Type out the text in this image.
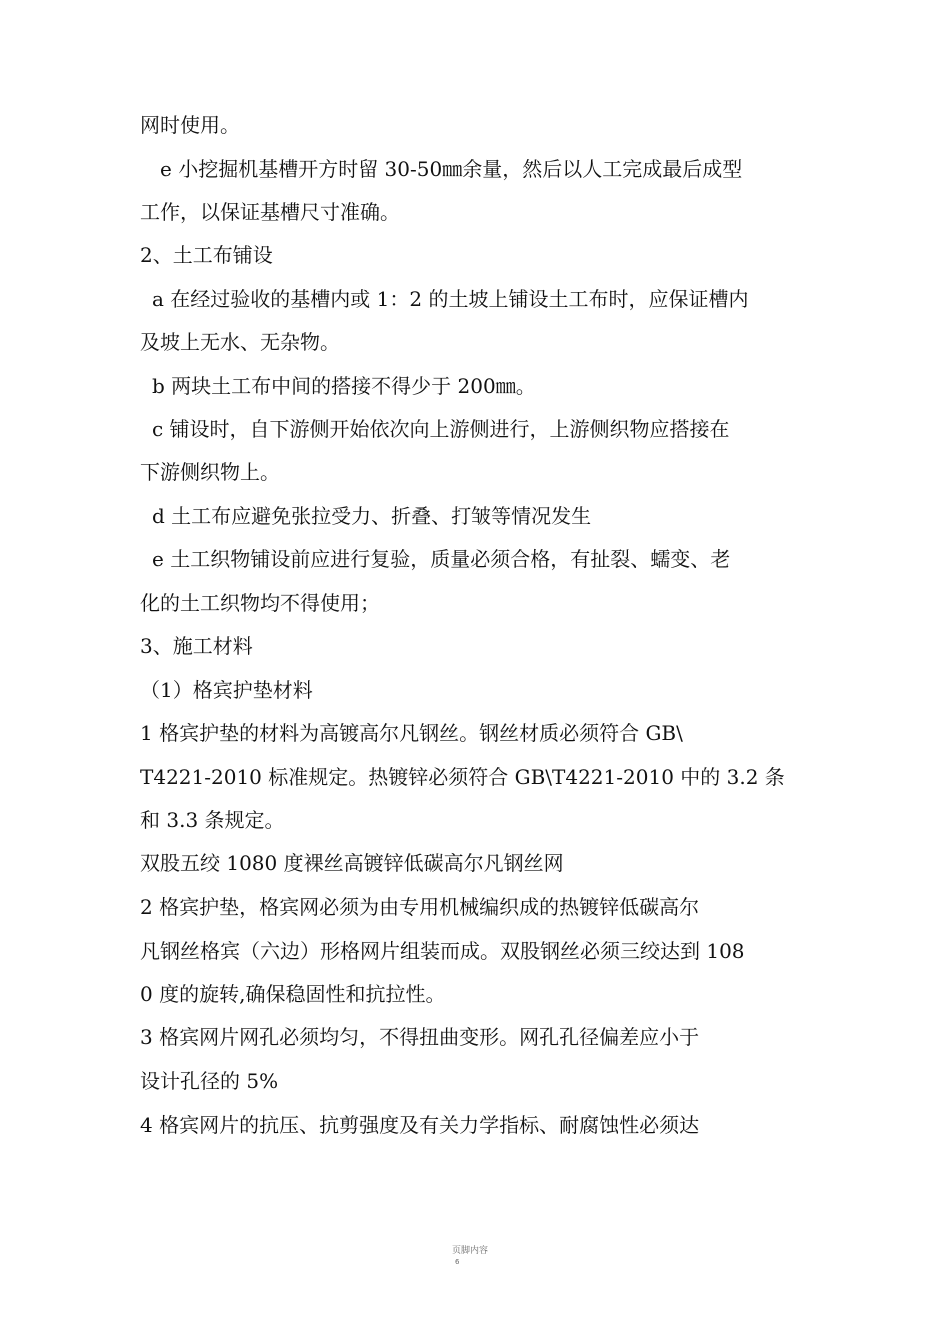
网时使用。
e 小挖掘机基槽开方时留 30-50㎜余量，然后以人工完成最后成型
工作，以保证基槽尺寸准确。
2、土工布铺设
a 在经过验收的基槽内或 1：2 的土坡上铺设土工布时，应保证槽内
及坡上无水、无杂物。
b 两块土工布中间的搭接不得少于 200㎜。
c 铺设时，自下游侧开始依次向上游侧进行，上游侧织物应搭接在
下游侧织物上。
d 土工布应避免张拉受力、折叠、打皱等情况发生
e 土工织物铺设前应进行复验，质量必须合格，有扯裂、蠕变、老
化的土工织物均不得使用；
3、施工材料
（1）格宾护垫材料
1 格宾护垫的材料为高镀高尔凡钢丝。钢丝材质必须符合 GB\
T4221-2010 标准规定。热镀锌必须符合 GB\T4221-2010 中的 3.2 条
和 3.3 条规定。
双股五绞 1080 度裸丝高镀锌低碳高尔凡钢丝网
2 格宾护垫，格宾网必须为由专用机械编织成的热镀锌低碳高尔
凡钢丝格宾（六边）形格网片组装而成。双股钢丝必须三绞达到 108
0 度的旋转,确保稳固性和抗拉性。
3 格宾网片网孔必须均匀，不得扭曲变形。网孔孔径偏差应小于
设计孔径的 5%
4 格宾网片的抗压、抗剪强度及有关力学指标、耐腐蚀性必须达
页脚内容
6
